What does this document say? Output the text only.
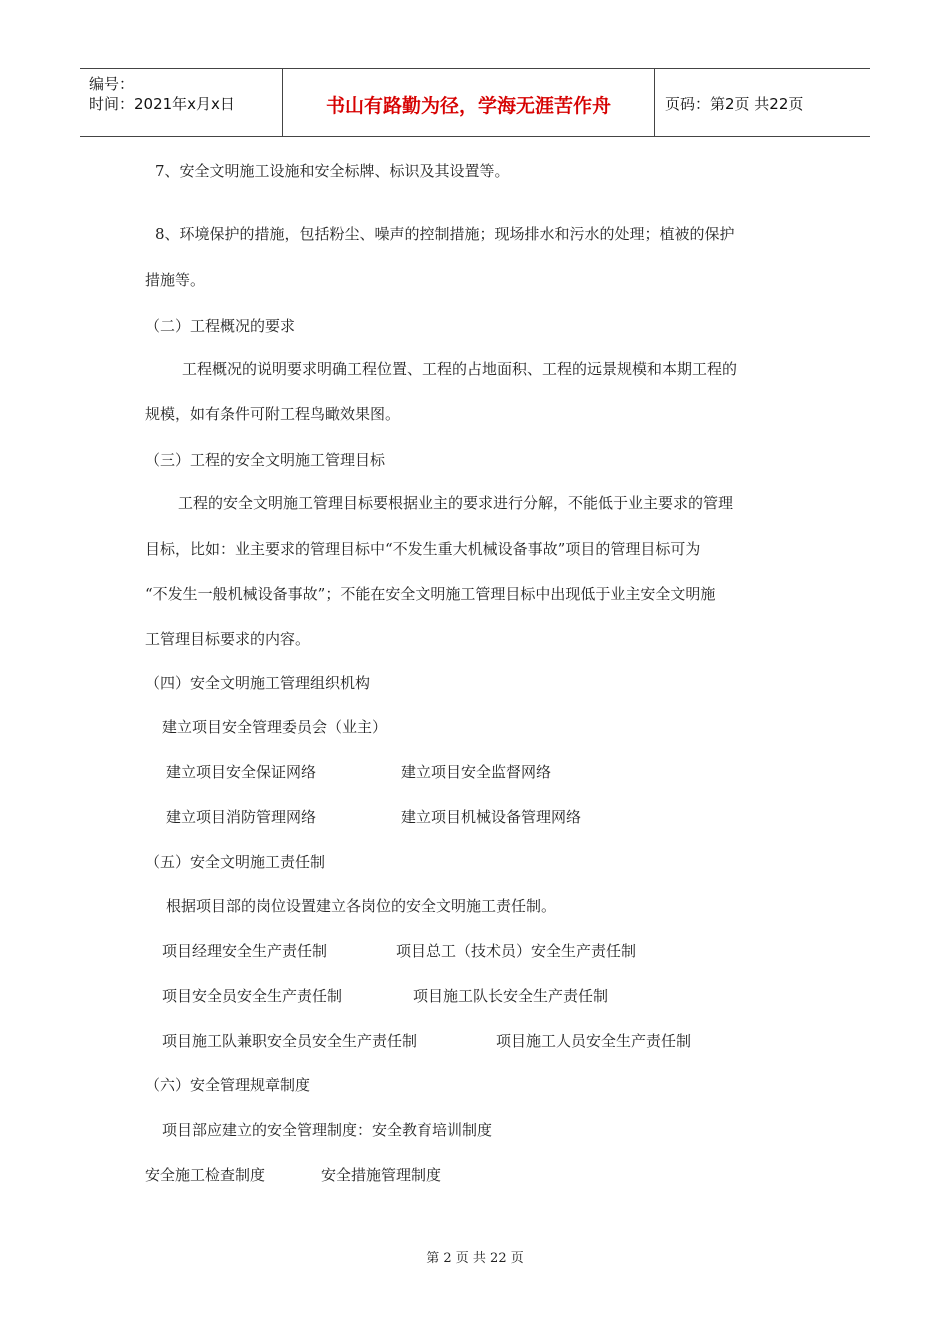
编号：
时间：2021年x月x日	书山有路勤为径，学海无涯苦作舟	页码：第2页 共22页
7、安全文明施工设施和安全标牌、标识及其设置等。
8、环境保护的措施，包括粉尘、噪声的控制措施；现场排水和污水的处理；植被的保护
措施等。
（二）工程概况的要求
工程概况的说明要求明确工程位置、工程的占地面积、工程的远景规模和本期工程的
规模，如有条件可附工程鸟瞰效果图。
（三）工程的安全文明施工管理目标
工程的安全文明施工管理目标要根据业主的要求进行分解，不能低于业主要求的管理
目标，比如：业主要求的管理目标中“不发生重大机械设备事故”项目的管理目标可为
“不发生一般机械设备事故”；不能在安全文明施工管理目标中出现低于业主安全文明施
工管理目标要求的内容。
（四）安全文明施工管理组织机构
建立项目安全管理委员会（业主）
建立项目安全保证网络	建立项目安全监督网络
建立项目消防管理网络	建立项目机械设备管理网络
（五）安全文明施工责任制
根据项目部的岗位设置建立各岗位的安全文明施工责任制。
项目经理安全生产责任制	项目总工（技术员）安全生产责任制
项目安全员安全生产责任制	项目施工队长安全生产责任制
项目施工队兼职安全员安全生产责任制	项目施工人员安全生产责任制
（六）安全管理规章制度
项目部应建立的安全管理制度：安全教育培训制度
安全施工检查制度	安全措施管理制度
第 2 页 共 22 页
